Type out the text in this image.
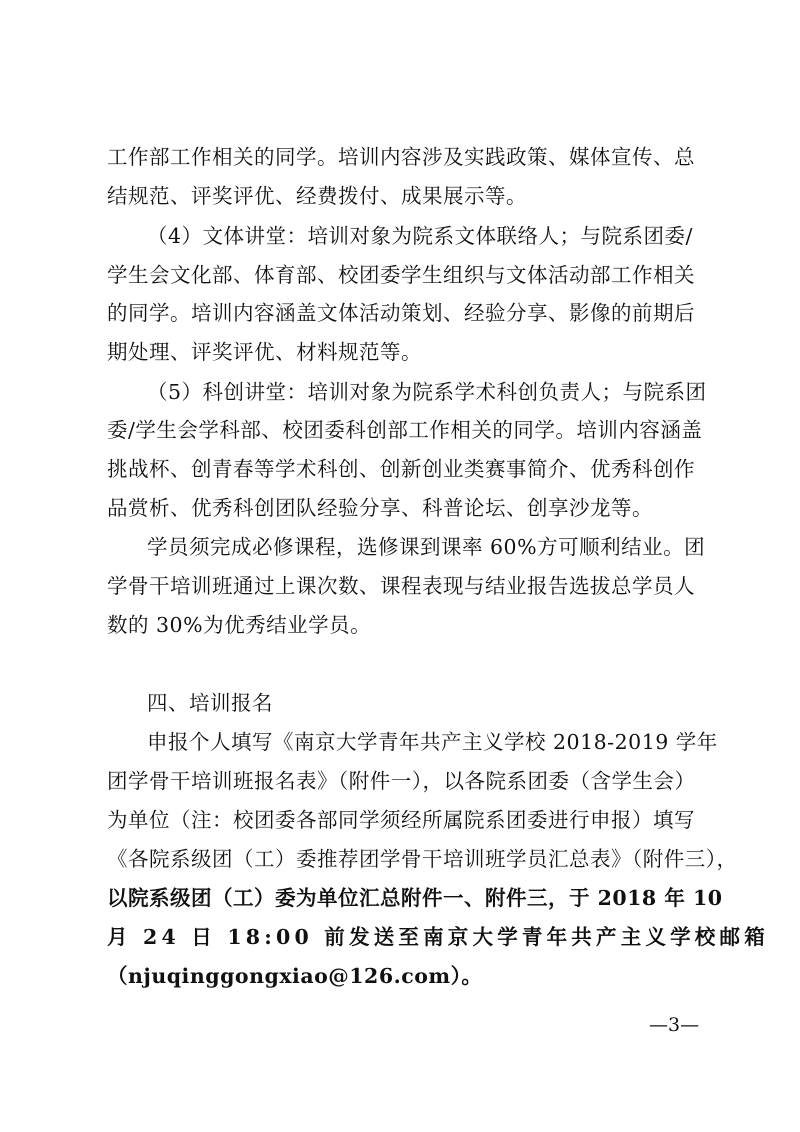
工作部工作相关的同学。培训内容涉及实践政策、媒体宣传、总
结规范、评奖评优、经费拨付、成果展示等。
（4）文体讲堂：培训对象为院系文体联络人；与院系团委/
学生会文化部、体育部、校团委学生组织与文体活动部工作相关
的同学。培训内容涵盖文体活动策划、经验分享、影像的前期后
期处理、评奖评优、材料规范等。
（5）科创讲堂：培训对象为院系学术科创负责人；与院系团
委/学生会学科部、校团委科创部工作相关的同学。培训内容涵盖
挑战杯、创青春等学术科创、创新创业类赛事简介、优秀科创作
品赏析、优秀科创团队经验分享、科普论坛、创享沙龙等。
学员须完成必修课程，选修课到课率 60%方可顺利结业。团
学骨干培训班通过上课次数、课程表现与结业报告选拔总学员人
数的 30%为优秀结业学员。
四、培训报名
申报个人填写《南京大学青年共产主义学校 2018-2019 学年
团学骨干培训班报名表》（附件一），以各院系团委（含学生会）
为单位（注：校团委各部同学须经所属院系团委进行申报）填写
《各院系级团（工）委推荐团学骨干培训班学员汇总表》（附件三），
以院系级团（工）委为单位汇总附件一、附件三，于 2018 年 10
月 24 日 18:00 前发送至南京大学青年共产主义学校邮箱
（njuqinggongxiao@126.com）。
—3—
